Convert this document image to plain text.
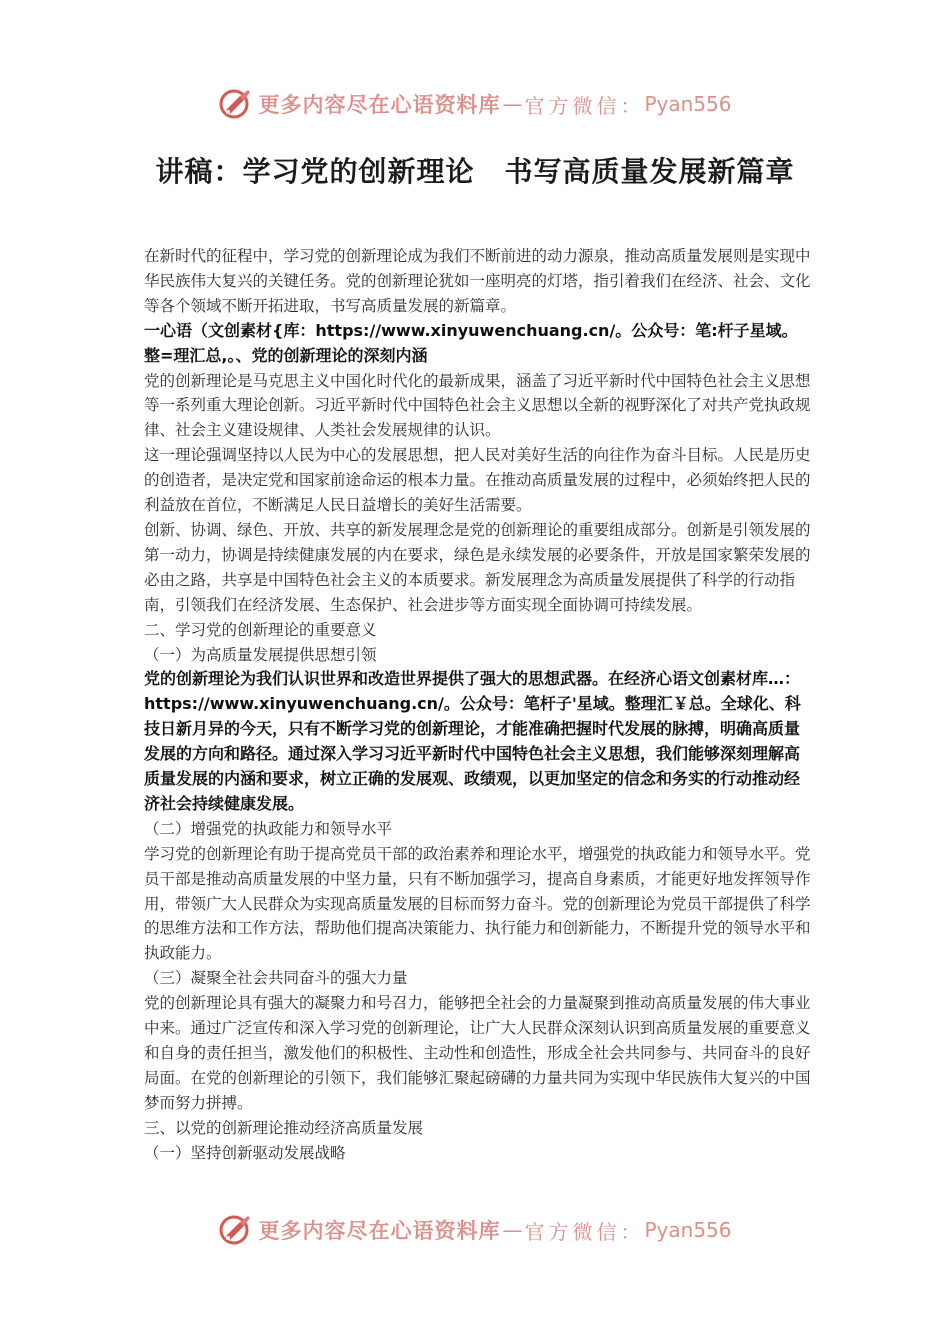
更多内容尽在心语资料库 — 官方微信： Pyan556
讲稿：学习党的创新理论 书写高质量发展新篇章

在新时代的征程中，学习党的创新理论成为我们不断前进的动力源泉，推动高质量发展则是实现中华民族伟大复兴的关键任务。党的创新理论犹如一座明亮的灯塔，指引着我们在经济、社会、文化等各个领域不断开拓进取，书写高质量发展的新篇章。

一心语（文创素材{库：https://www.xinyuwenchuang.cn/。公众号：笔:杆子星域。整=理汇总,。、党的创新理论的深刻内涵

党的创新理论是马克思主义中国化时代化的最新成果，涵盖了习近平新时代中国特色社会主义思想等一系列重大理论创新。习近平新时代中国特色社会主义思想以全新的视野深化了对共产党执政规律、社会主义建设规律、人类社会发展规律的认识。

这一理论强调坚持以人民为中心的发展思想，把人民对美好生活的向往作为奋斗目标。人民是历史的创造者，是决定党和国家前途命运的根本力量。在推动高质量发展的过程中，必须始终把人民的利益放在首位，不断满足人民日益增长的美好生活需要。

创新、协调、绿色、开放、共享的新发展理念是党的创新理论的重要组成部分。创新是引领发展的第一动力，协调是持续健康发展的内在要求，绿色是永续发展的必要条件，开放是国家繁荣发展的必由之路，共享是中国特色社会主义的本质要求。新发展理念为高质量发展提供了科学的行动指南，引领我们在经济发展、生态保护、社会进步等方面实现全面协调可持续发展。

二、学习党的创新理论的重要意义

（一）为高质量发展提供思想引领

党的创新理论为我们认识世界和改造世界提供了强大的思想武器。在经济心语文创素材库…：https://www.xinyuwenchuang.cn/。公众号：笔杆子'星域。整理汇￥总。全球化、科技日新月异的今天，只有不断学习党的创新理论，才能准确把握时代发展的脉搏，明确高质量发展的方向和路径。通过深入学习习近平新时代中国特色社会主义思想，我们能够深刻理解高质量发展的内涵和要求，树立正确的发展观、政绩观，以更加坚定的信念和务实的行动推动经济社会持续健康发展。

（二）增强党的执政能力和领导水平

学习党的创新理论有助于提高党员干部的政治素养和理论水平，增强党的执政能力和领导水平。党员干部是推动高质量发展的中坚力量，只有不断加强学习，提高自身素质，才能更好地发挥领导作用，带领广大人民群众为实现高质量发展的目标而努力奋斗。党的创新理论为党员干部提供了科学的思维方法和工作方法，帮助他们提高决策能力、执行能力和创新能力，不断提升党的领导水平和执政能力。

（三）凝聚全社会共同奋斗的强大力量

党的创新理论具有强大的凝聚力和号召力，能够把全社会的力量凝聚到推动高质量发展的伟大事业中来。通过广泛宣传和深入学习党的创新理论，让广大人民群众深刻认识到高质量发展的重要意义和自身的责任担当，激发他们的积极性、主动性和创造性，形成全社会共同参与、共同奋斗的良好局面。在党的创新理论的引领下，我们能够汇聚起磅礴的力量共同为实现中华民族伟大复兴的中国梦而努力拼搏。

三、以党的创新理论推动经济高质量发展

（一）坚持创新驱动发展战略

更多内容尽在心语资料库 — 官方微信： Pyan556
